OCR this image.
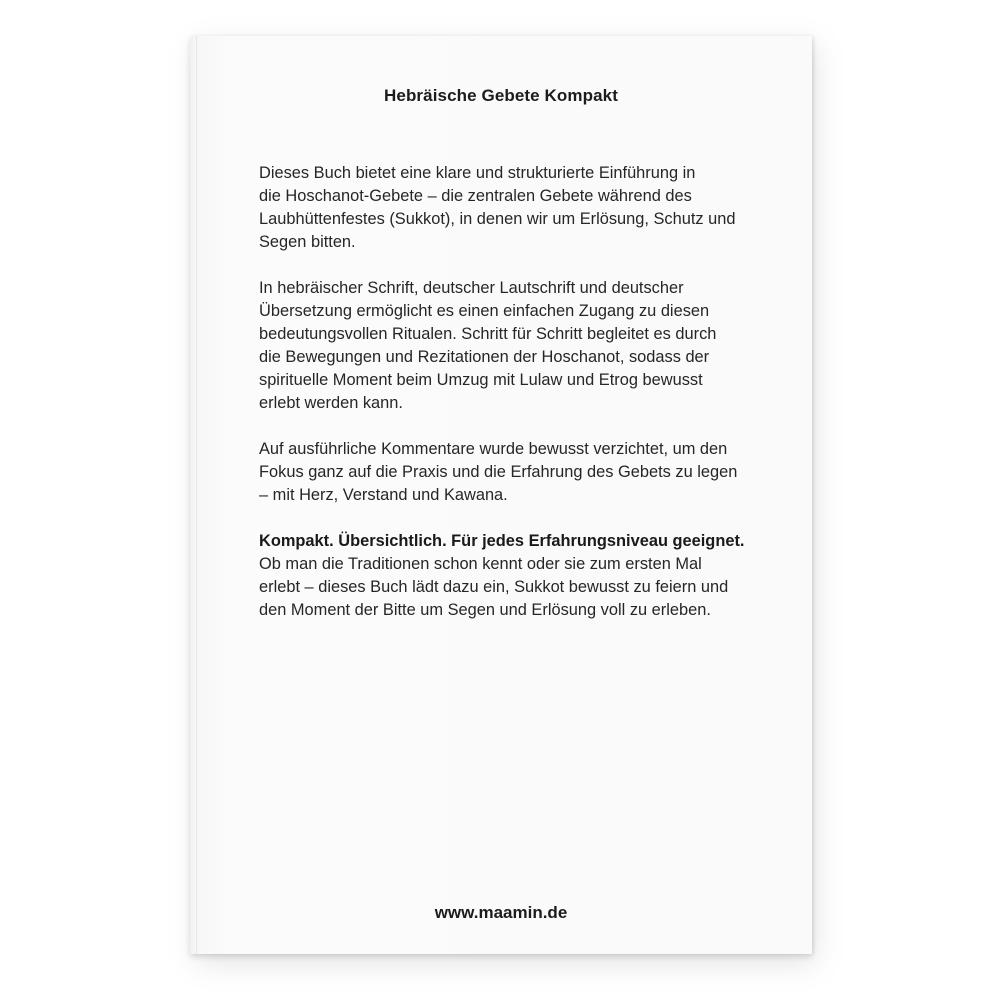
Hebräische Gebete Kompakt

Dieses Buch bietet eine klare und strukturierte Einführung in
die Hoschanot-Gebete – die zentralen Gebete während des
Laubhüttenfestes (Sukkot), in denen wir um Erlösung, Schutz und
Segen bitten.

In hebräischer Schrift, deutscher Lautschrift und deutscher
Übersetzung ermöglicht es einen einfachen Zugang zu diesen
bedeutungsvollen Ritualen. Schritt für Schritt begleitet es durch
die Bewegungen und Rezitationen der Hoschanot, sodass der
spirituelle Moment beim Umzug mit Lulaw und Etrog bewusst
erlebt werden kann.

Auf ausführliche Kommentare wurde bewusst verzichtet, um den
Fokus ganz auf die Praxis und die Erfahrung des Gebets zu legen
– mit Herz, Verstand und Kawana.

Kompakt. Übersichtlich. Für jedes Erfahrungsniveau geeignet.
Ob man die Traditionen schon kennt oder sie zum ersten Mal
erlebt – dieses Buch lädt dazu ein, Sukkot bewusst zu feiern und
den Moment der Bitte um Segen und Erlösung voll zu erleben.

www.maamin.de
